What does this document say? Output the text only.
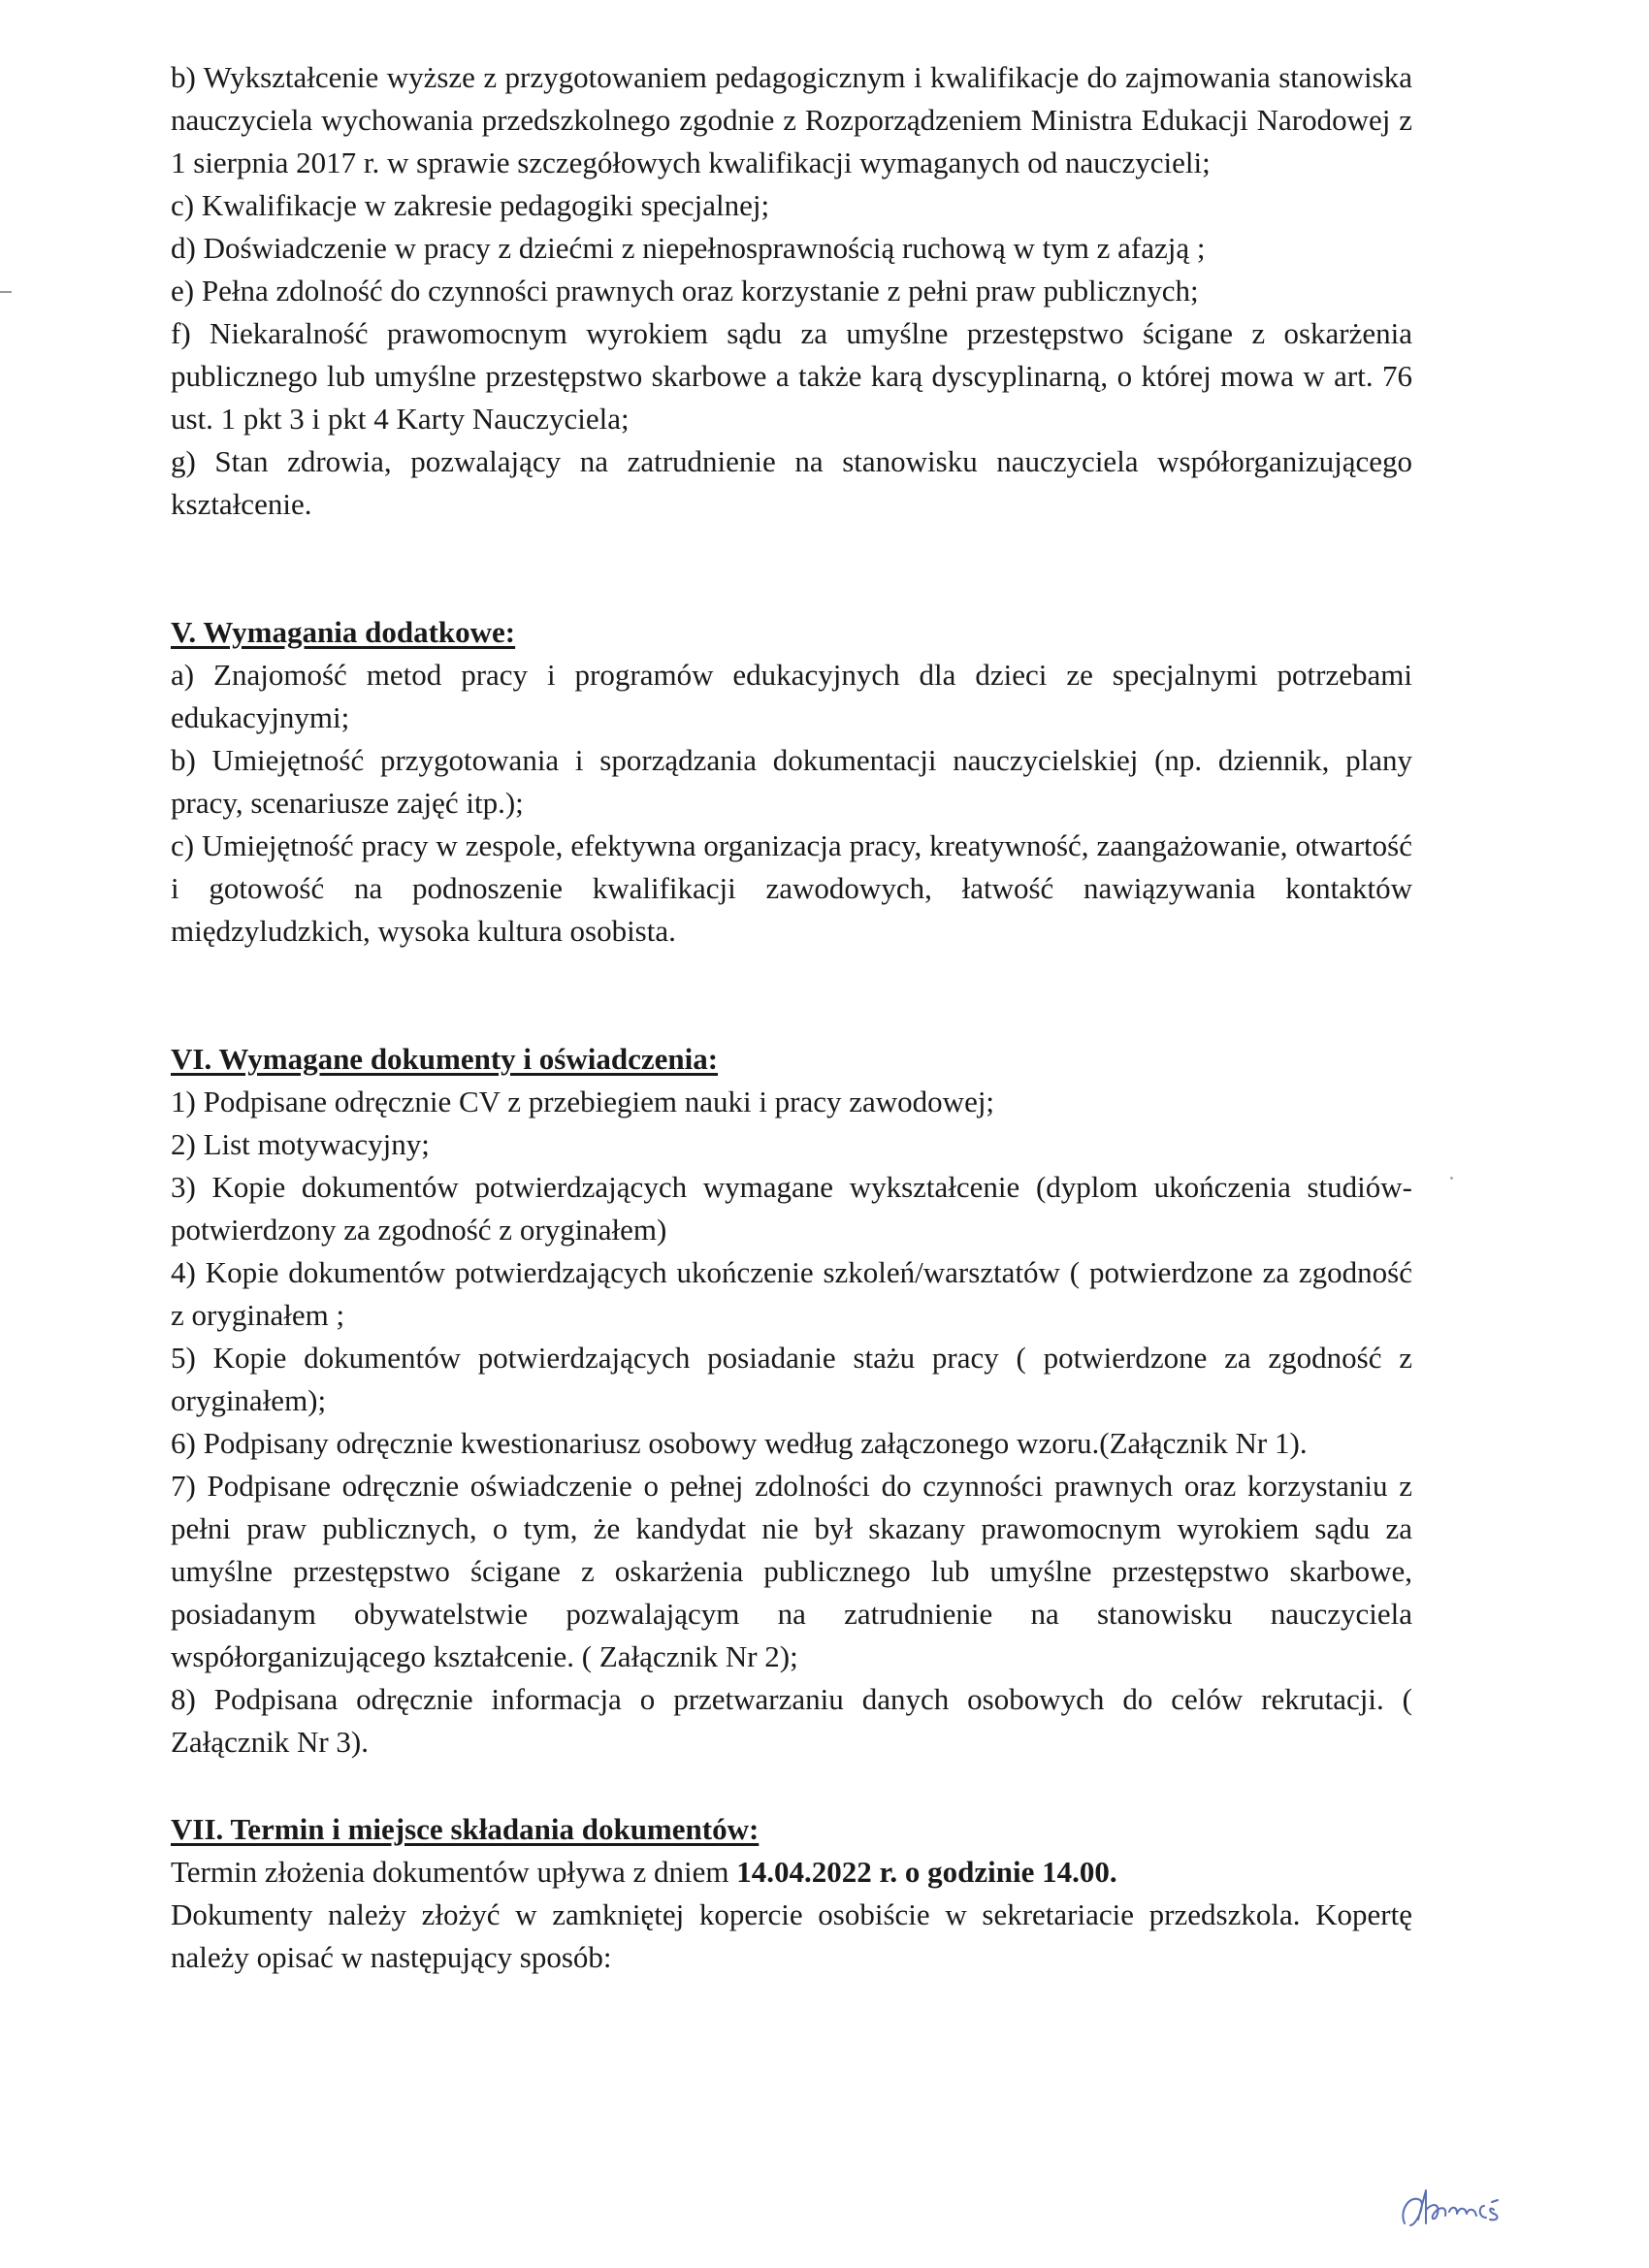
b) Wykształcenie wyższe z przygotowaniem pedagogicznym i kwalifikacje do zajmowania stanowiska nauczyciela wychowania przedszkolnego zgodnie z Rozporządzeniem Ministra Edukacji Narodowej z 1 sierpnia 2017 r. w sprawie szczegółowych kwalifikacji wymaganych od nauczycieli;

c) Kwalifikacje w zakresie pedagogiki specjalnej;

d) Doświadczenie w pracy z dziećmi z niepełnosprawnością ruchową w tym z afazją ;

e) Pełna zdolność do czynności prawnych oraz korzystanie z pełni praw publicznych;

f) Niekaralność prawomocnym wyrokiem sądu za umyślne przestępstwo ścigane z oskarżenia publicznego lub umyślne przestępstwo skarbowe a także karą dyscyplinarną, o której mowa w art. 76 ust. 1 pkt 3 i pkt 4 Karty Nauczyciela;

g) Stan zdrowia, pozwalający na zatrudnienie na stanowisku nauczyciela współorganizującego kształcenie.

V. Wymagania dodatkowe:

a) Znajomość metod pracy i programów edukacyjnych dla dzieci ze specjalnymi potrzebami edukacyjnymi;

b) Umiejętność przygotowania i sporządzania dokumentacji nauczycielskiej (np. dziennik, plany pracy, scenariusze zajęć itp.);

c) Umiejętność pracy w zespole, efektywna organizacja pracy, kreatywność, zaangażowanie, otwartość i gotowość na podnoszenie kwalifikacji zawodowych, łatwość nawiązywania kontaktów międzyludzkich, wysoka kultura osobista.

VI. Wymagane dokumenty i oświadczenia:

1) Podpisane odręcznie CV z przebiegiem nauki i pracy zawodowej;

2) List motywacyjny;

3) Kopie dokumentów potwierdzających wymagane wykształcenie (dyplom ukończenia studiów- potwierdzony za zgodność z oryginałem)

4) Kopie dokumentów potwierdzających ukończenie szkoleń/warsztatów ( potwierdzone za zgodność z oryginałem ;

5) Kopie dokumentów potwierdzających posiadanie stażu pracy ( potwierdzone za zgodność z oryginałem);

6) Podpisany odręcznie kwestionariusz osobowy według załączonego wzoru.(Załącznik Nr 1).

7) Podpisane odręcznie oświadczenie o pełnej zdolności do czynności prawnych oraz korzystaniu z pełni praw publicznych, o tym, że kandydat nie był skazany prawomocnym wyrokiem sądu za umyślne przestępstwo ścigane z oskarżenia publicznego lub umyślne przestępstwo skarbowe, posiadanym obywatelstwie pozwalającym na zatrudnienie na stanowisku nauczyciela współorganizującego kształcenie. ( Załącznik Nr 2);

8) Podpisana odręcznie informacja o przetwarzaniu danych osobowych do celów rekrutacji. ( Załącznik Nr 3).

VII. Termin i miejsce składania dokumentów:

Termin złożenia dokumentów upływa z dniem 14.04.2022 r. o godzinie 14.00.

Dokumenty należy złożyć w zamkniętej kopercie osobiście w sekretariacie przedszkola. Kopertę należy opisać w następujący sposób:
